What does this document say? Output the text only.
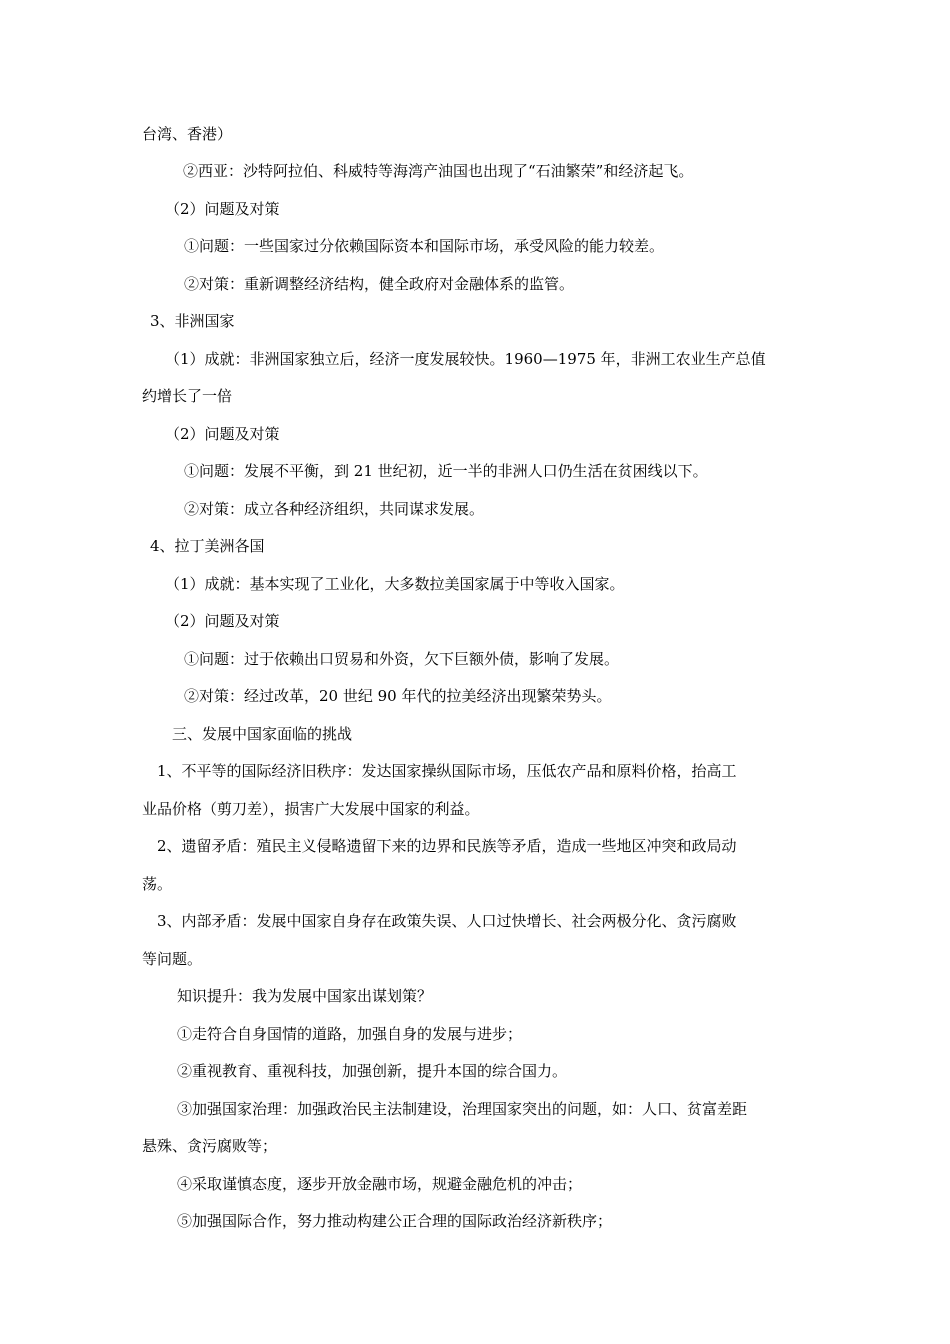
台湾、香港）
②西亚：沙特阿拉伯、科威特等海湾产油国也出现了“石油繁荣”和经济起飞。
（2）问题及对策
①问题：一些国家过分依赖国际资本和国际市场，承受风险的能力较差。
②对策：重新调整经济结构，健全政府对金融体系的监管。
3、非洲国家
（1）成就：非洲国家独立后，经济一度发展较快。1960—1975 年，非洲工农业生产总值
约增长了一倍
（2）问题及对策
①问题：发展不平衡，到 21 世纪初，近一半的非洲人口仍生活在贫困线以下。
②对策：成立各种经济组织，共同谋求发展。
4、拉丁美洲各国
（1）成就：基本实现了工业化，大多数拉美国家属于中等收入国家。
（2）问题及对策
①问题：过于依赖出口贸易和外资，欠下巨额外债，影响了发展。
②对策：经过改革，20 世纪 90 年代的拉美经济出现繁荣势头。
三、发展中国家面临的挑战
1、不平等的国际经济旧秩序：发达国家操纵国际市场，压低农产品和原料价格，抬高工
业品价格（剪刀差），损害广大发展中国家的利益。
2、遗留矛盾：殖民主义侵略遗留下来的边界和民族等矛盾，造成一些地区冲突和政局动
荡。
3、内部矛盾：发展中国家自身存在政策失误、人口过快增长、社会两极分化、贪污腐败
等问题。
知识提升：我为发展中国家出谋划策？
①走符合自身国情的道路，加强自身的发展与进步；
②重视教育、重视科技，加强创新，提升本国的综合国力。
③加强国家治理：加强政治民主法制建设，治理国家突出的问题，如：人口、贫富差距
悬殊、贪污腐败等；
④采取谨慎态度，逐步开放金融市场，规避金融危机的冲击；
⑤加强国际合作，努力推动构建公正合理的国际政治经济新秩序；
